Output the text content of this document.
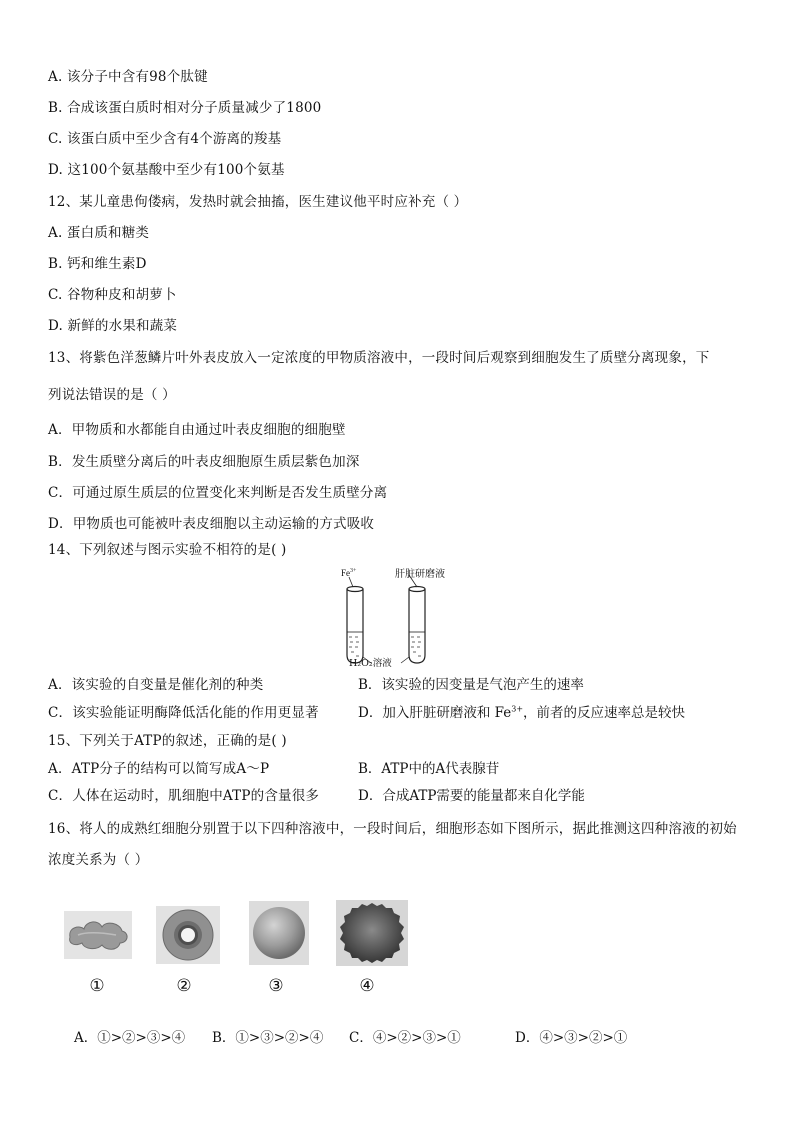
A. 该分子中含有98个肽键
B. 合成该蛋白质时相对分子质量减少了1800
C. 该蛋白质中至少含有4个游离的羧基
D. 这100个氨基酸中至少有100个氨基
12、某儿童患佝偻病，发热时就会抽搐，医生建议他平时应补充（ ）
A. 蛋白质和糖类
B. 钙和维生素D
C. 谷物种皮和胡萝卜
D. 新鲜的水果和蔬菜
13、将紫色洋葱鳞片叶外表皮放入一定浓度的甲物质溶液中，一段时间后观察到细胞发生了质壁分离现象，下
列说法错误的是（ ）
A．甲物质和水都能自由通过叶表皮细胞的细胞壁
B．发生质壁分离后的叶表皮细胞原生质层紫色加深
C．可通过原生质层的位置变化来判断是否发生质壁分离
D．甲物质也可能被叶表皮细胞以主动运输的方式吸收
14、下列叙述与图示实验不相符的是( )
Fe 3+	肝脏研磨液
H₂O₂溶液
A．该实验的自变量是催化剂的种类	B．该实验的因变量是气泡产生的速率
C．该实验能证明酶降低活化能的作用更显著	D．加入肝脏研磨液和 $Fe^{3+}$，前者的反应速率总是较快
15、下列关于ATP的叙述，正确的是( )
A．ATP分子的结构可以简写成A～P	B．ATP中的A代表腺苷
C．人体在运动时，肌细胞中ATP的含量很多	D．合成ATP需要的能量都来自化学能
16、将人的成熟红细胞分别置于以下四种溶液中，一段时间后，细胞形态如下图所示，据此推测这四种溶液的初始
浓度关系为（ ）
①	②	③	④
A．①>②>③>④ B．①>③>②>④ C．④>②>③>①	D．④>③>②>①
